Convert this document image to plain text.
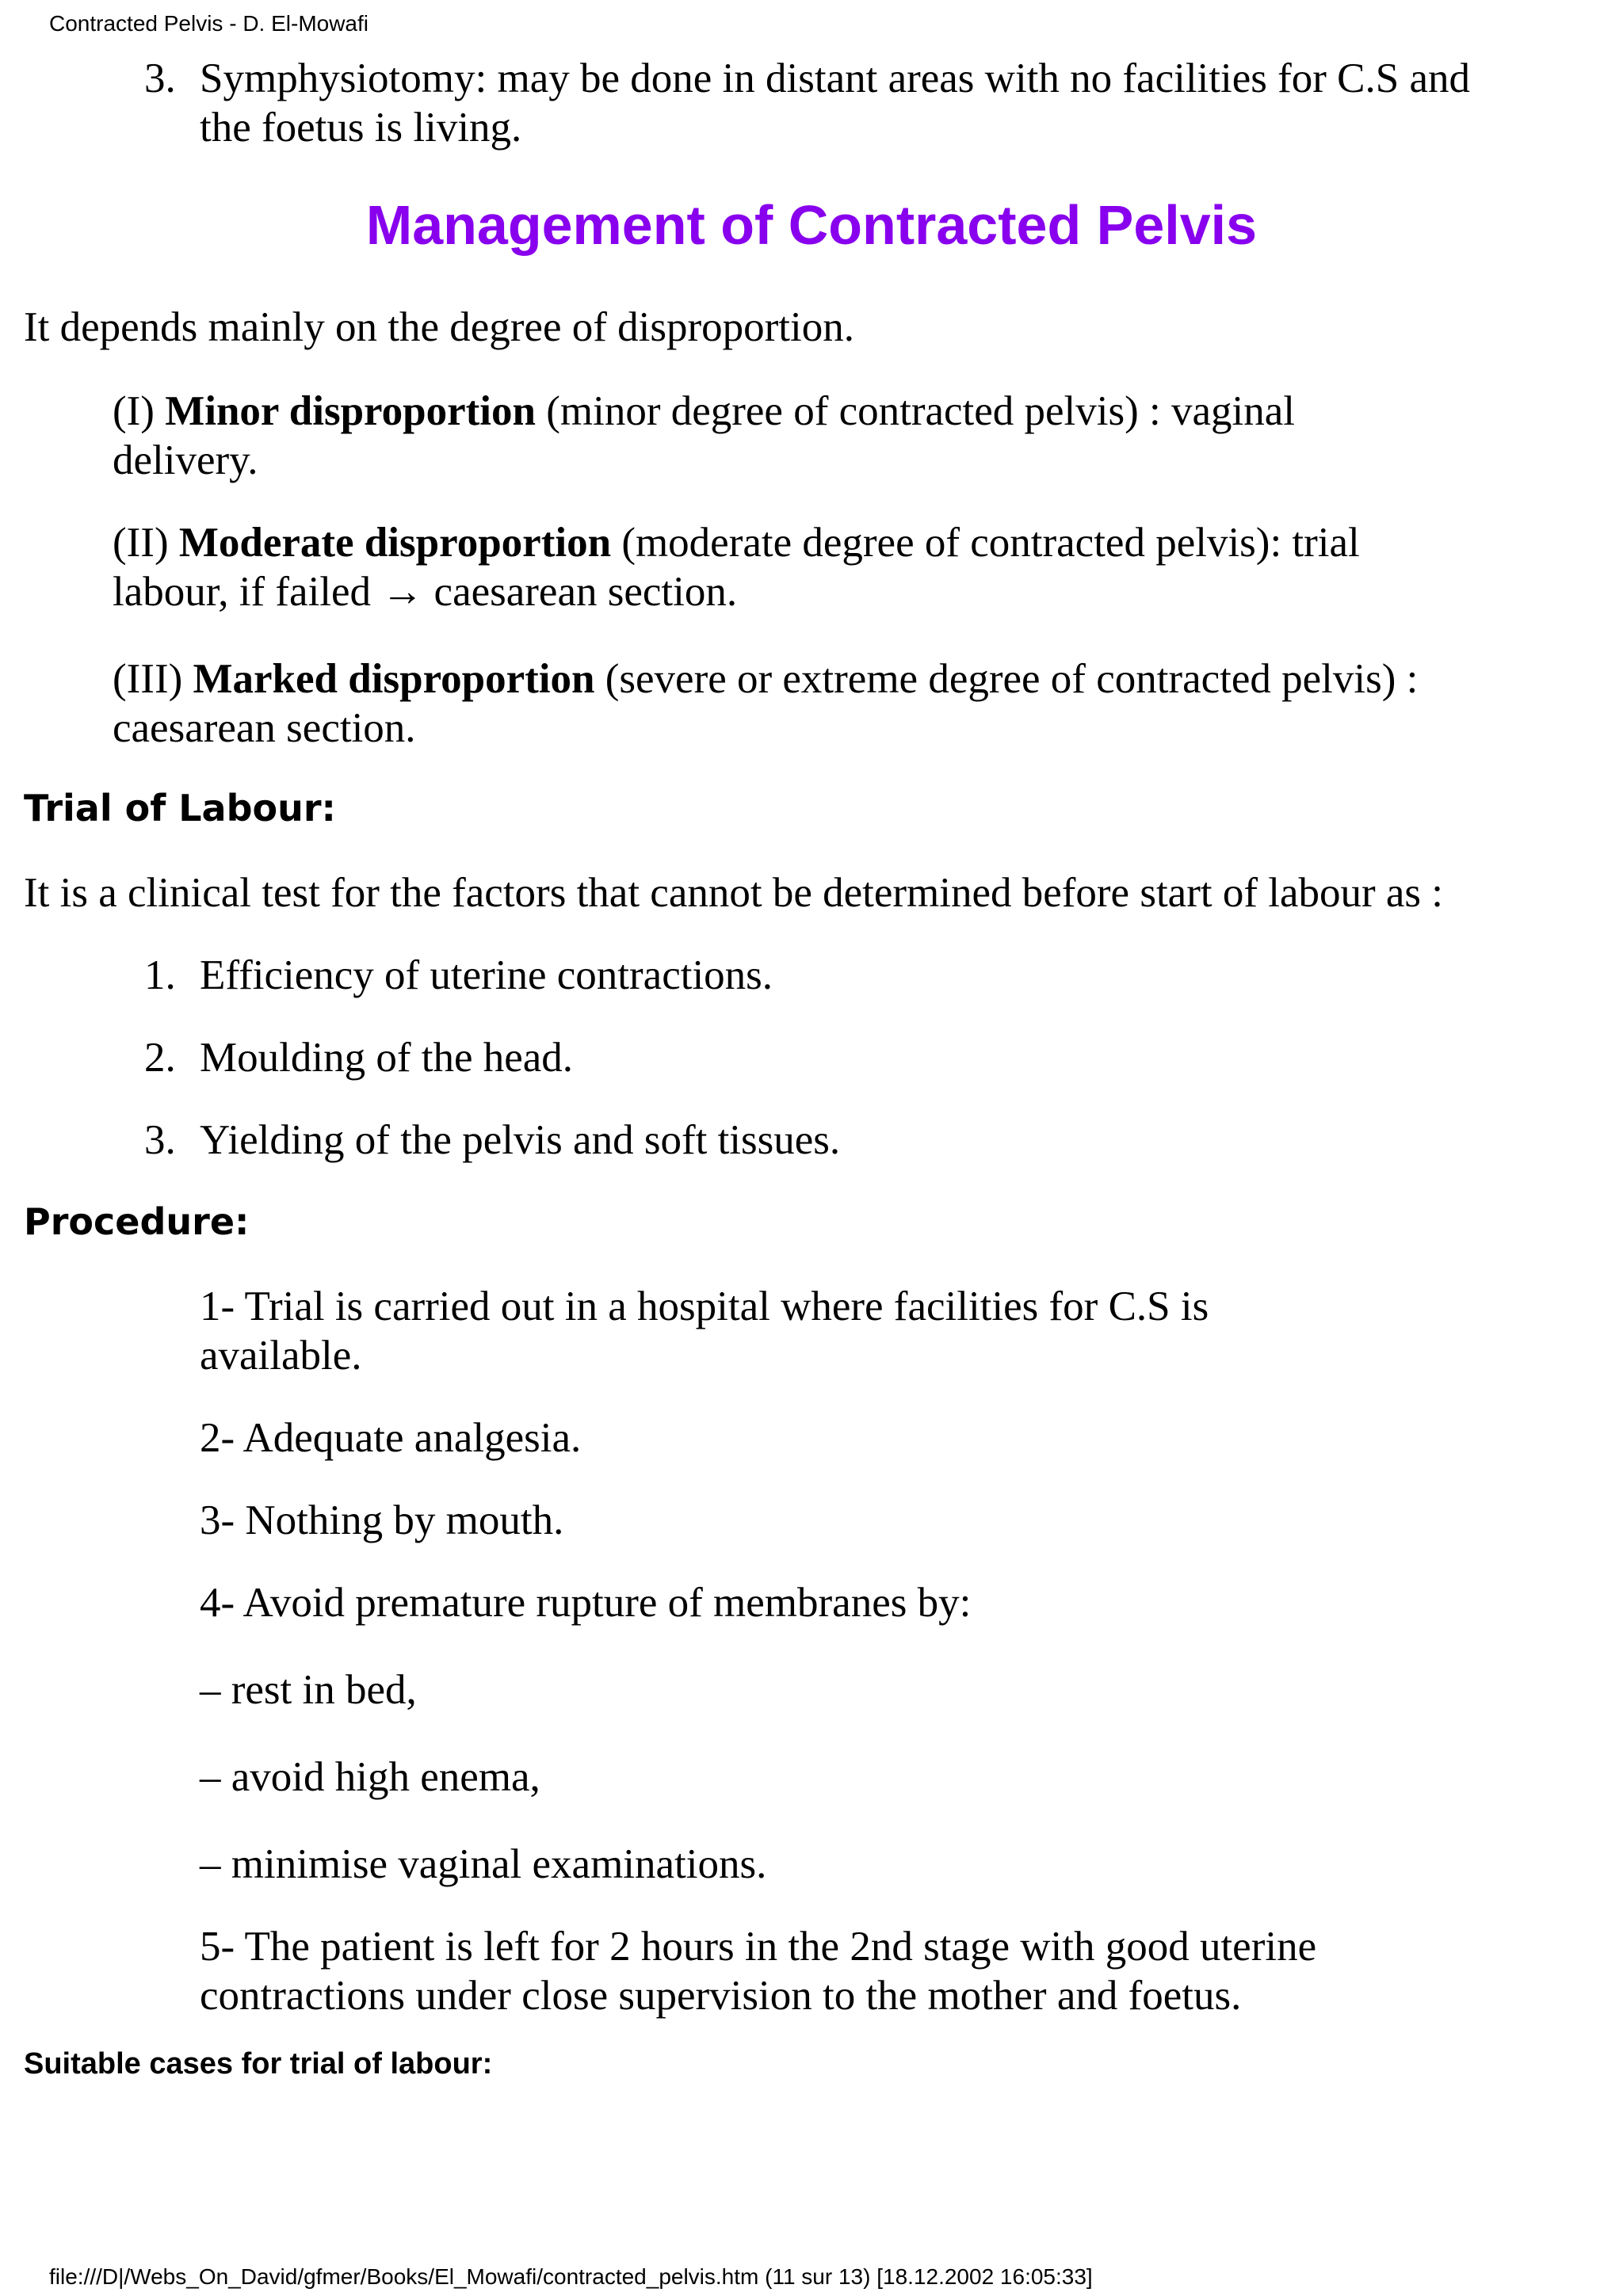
Contracted Pelvis - D. El-Mowafi
3. Symphysiotomy: may be done in distant areas with no facilities for C.S and the foetus is living.
Management of Contracted Pelvis
It depends mainly on the degree of disproportion.
(I) Minor disproportion (minor degree of contracted pelvis) : vaginal delivery.
(II) Moderate disproportion (moderate degree of contracted pelvis): trial labour, if failed → caesarean section.
(III) Marked disproportion (severe or extreme degree of contracted pelvis) : caesarean section.
Trial of Labour:
It is a clinical test for the factors that cannot be determined before start of labour as :
1. Efficiency of uterine contractions.
2. Moulding of the head.
3. Yielding of the pelvis and soft tissues.
Procedure:
1- Trial is carried out in a hospital where facilities for C.S is available.
2- Adequate analgesia.
3- Nothing by mouth.
4- Avoid premature rupture of membranes by:
– rest in bed,
– avoid high enema,
– minimise vaginal examinations.
5- The patient is left for 2 hours in the 2nd stage with good uterine contractions under close supervision to the mother and foetus.
Suitable cases for trial of labour:
file:///D|/Webs_On_David/gfmer/Books/El_Mowafi/contracted_pelvis.htm (11 sur 13) [18.12.2002 16:05:33]
